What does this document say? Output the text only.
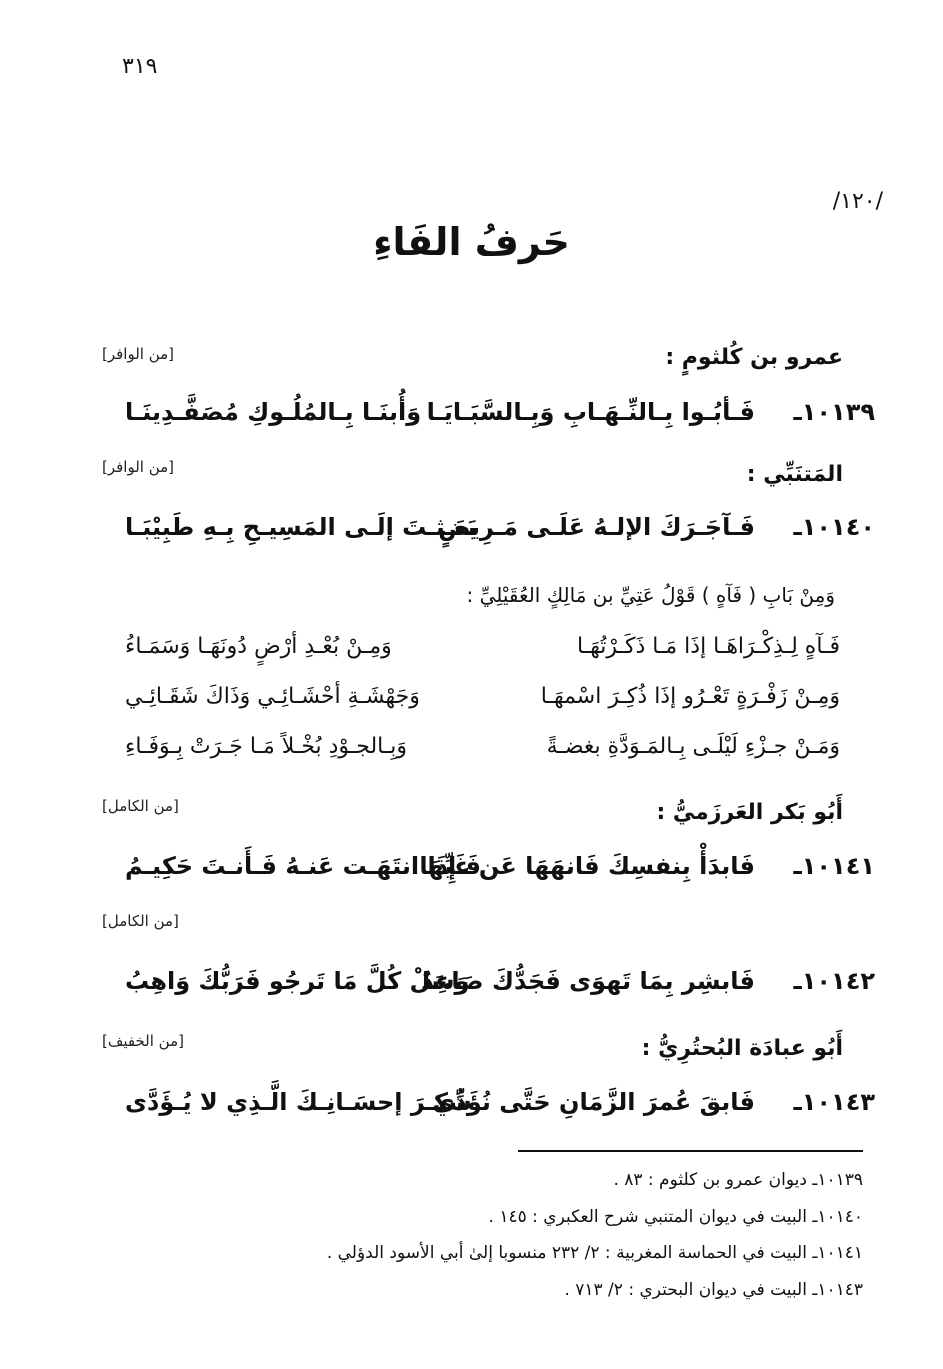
٣١٩
/١٢٠/
حَرفُ الفَاءِ
عمرو بن كُلثومٍ :
[من الوافر]
١٠١٣٩ـ
فَـأبُـوا بِـالنِّـهَـابِ وَبِـالسَّبَـايَـا
وَأُبنَـا بِـالمُلُـوكِ مُصَفَّـدِينَـا
المَتنَبِّي :
[من الوافر]
١٠١٤٠ـ
فَـآجَـرَكَ الإلـهُ عَلَـى مَـرِيضٍ
بَعَـثـتَ إلَـى المَسِيـحِ بِـهِ طَبِيْبَـا
وَمِنْ بَابِ ( فَآهٍ ) قَوْلُ عَتِيِّ بن مَالِكٍ العُقَيْلِيِّ :
فَـآهٍ لِـذِكْـرَاهَـا إذَا مَـا ذَكَـرْتُهَـا
وَمِـنْ بُعْـدِ أرْضٍ دُونَهَـا وَسَمَـاءُ
وَمِـنْ زَفْـرَةٍ تَعْـرُو إذَا ذُكِـرَ اسْمهَـا
وَجَهْشَـةِ أحْشَـائِـي وَذَاكَ شَقَـائِـي
وَمَـنْ جـزْءِ لَيْلَـى بِـالمَـوَدَّةِ بغضـةً
وَبِـالجـوْدِ بُخْـلاً مَـا جَـرَتْ بِـوَفَـاءِ
أَبُو بَكر العَرزَميُّ :
[من الكامل]
١٠١٤١ـ
فَابدَأْ بِنفسِكَ فَانهَهَا عَن غَيِّهَا
فَـإِذَا انتَهَـت عَنـهُ فَـأَنـتَ حَكِيـمُ
[من الكامل]
١٠١٤٢ـ
فَابشِر بِمَا تَهوَى فَجَدُّكَ صَاعِدٌ
وَسَلْ كُلَّ مَا تَرجُو فَرَبُّكَ وَاهِبُ
أَبُو عبادَة البُحتُرِيُّ :
[من الخفيف]
١٠١٤٣ـ
فَابقَ عُمرَ الزَّمَانِ حَتَّى نُؤَدِّي
شُكـرَ إحسَـانِـكَ الَّـذِي لا يُـؤَدَّى
١٠١٣٩ـ ديوان عمرو بن كلثوم : ٨٣ .
١٠١٤٠ـ البيت في ديوان المتنبي شرح العكبري : ١٤٥ .
١٠١٤١ـ البيت في الحماسة المغربية : ٢/ ٢٣٢ منسوبا إلىٰ أبي الأسود الدؤلي .
١٠١٤٣ـ البيت في ديوان البحتري : ٢/ ٧١٣ .
